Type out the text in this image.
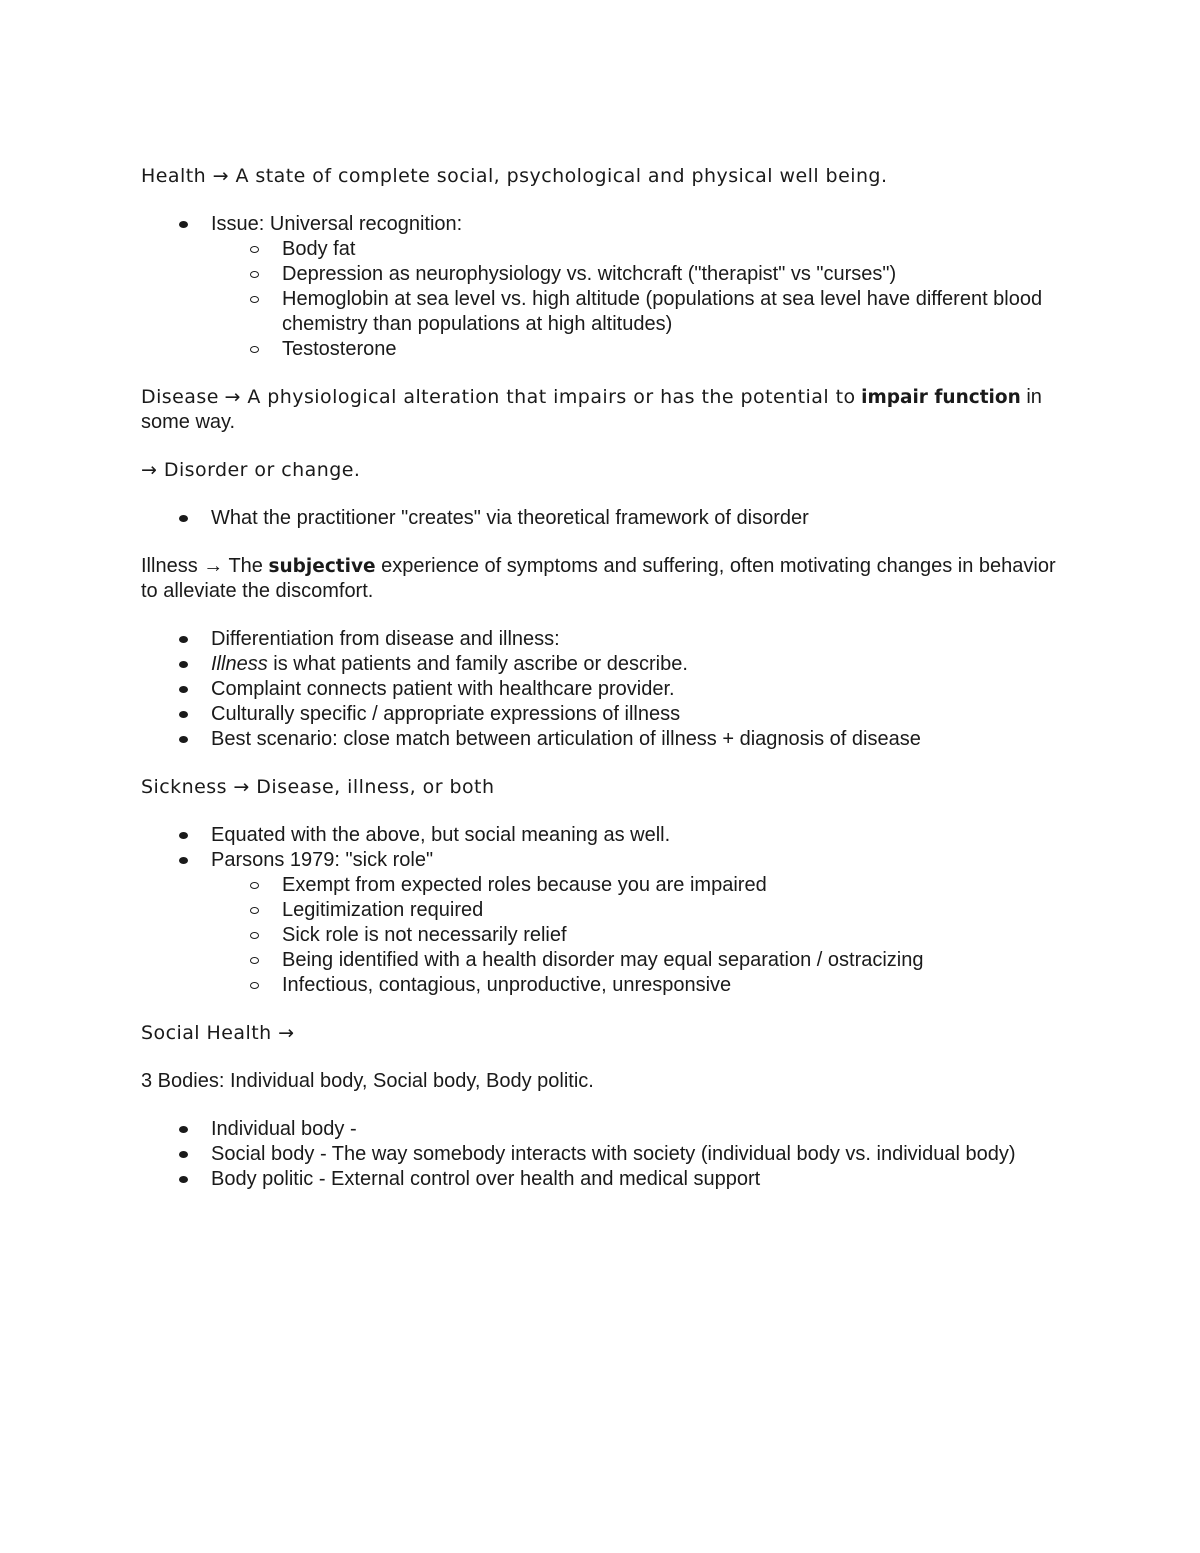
Health → A state of complete social, psychological and physical well being.

Issue: Universal recognition:
Body fat
Depression as neurophysiology vs. witchcraft ("therapist" vs "curses")
Hemoglobin at sea level vs. high altitude (populations at sea level have different blood chemistry than populations at high altitudes)
Testosterone

Disease → A physiological alteration that impairs or has the potential to impair function in some way.

→ Disorder or change.

What the practitioner "creates" via theoretical framework of disorder

Illness → The subjective experience of symptoms and suffering, often motivating changes in behavior to alleviate the discomfort.

Differentiation from disease and illness:
Illness is what patients and family ascribe or describe.
Complaint connects patient with healthcare provider.
Culturally specific / appropriate expressions of illness
Best scenario: close match between articulation of illness + diagnosis of disease

Sickness → Disease, illness, or both

Equated with the above, but social meaning as well.
Parsons 1979: "sick role"
Exempt from expected roles because you are impaired
Legitimization required
Sick role is not necessarily relief
Being identified with a health disorder may equal separation / ostracizing
Infectious, contagious, unproductive, unresponsive

Social Health →

3 Bodies: Individual body, Social body, Body politic.

Individual body -
Social body - The way somebody interacts with society (individual body vs. individual body)
Body politic - External control over health and medical support
